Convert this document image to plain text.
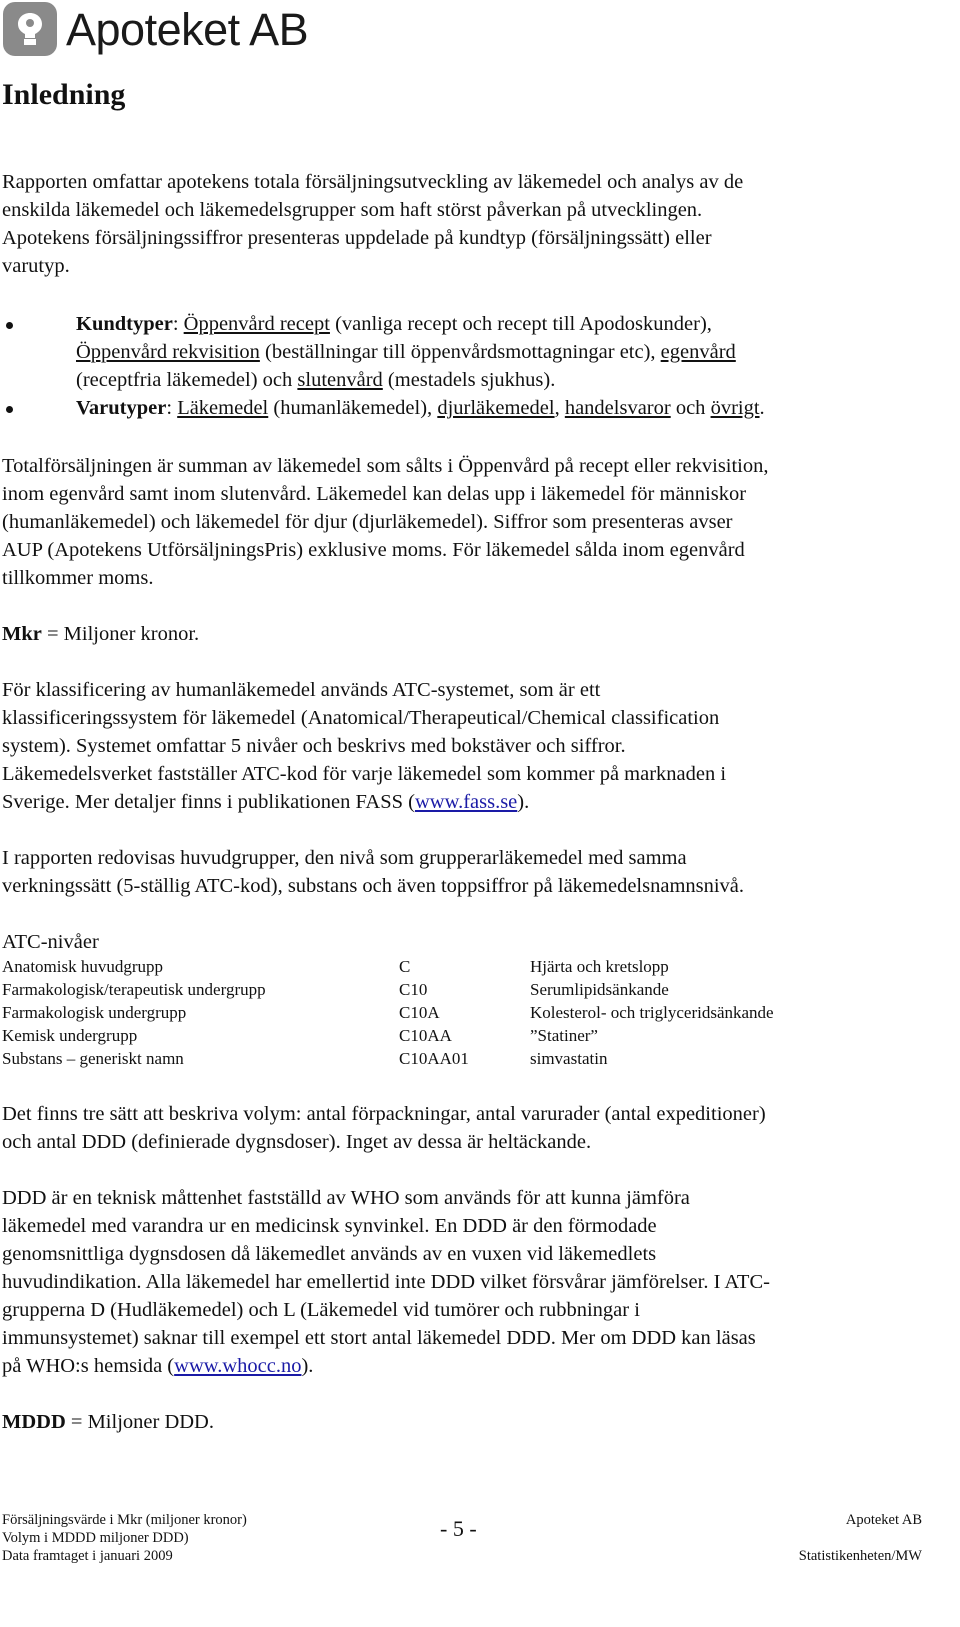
Apoteket AB
Inledning

Rapporten omfattar apotekens totala försäljningsutveckling av läkemedel och analys av de

enskilda läkemedel och läkemedelsgrupper som haft störst påverkan på utvecklingen.

Apotekens försäljningssiffror presenteras uppdelade på kundtyp (försäljningssätt) eller

varutyp.

Kundtyper: Öppenvård recept (vanliga recept och recept till Apodoskunder),

Öppenvård rekvisition (beställningar till öppenvårdsmottagningar etc), egenvård

(receptfria läkemedel) och slutenvård (mestadels sjukhus).

Varutyper: Läkemedel (humanläkemedel), djurläkemedel, handelsvaror och övrigt.

Totalförsäljningen är summan av läkemedel som sålts i Öppenvård på recept eller rekvisition,

inom egenvård samt inom slutenvård. Läkemedel kan delas upp i läkemedel för människor

(humanläkemedel) och läkemedel för djur (djurläkemedel). Siffror som presenteras avser

AUP (Apotekens UtförsäljningsPris) exklusive moms. För läkemedel sålda inom egenvård

tillkommer moms.

Mkr = Miljoner kronor.

För klassificering av humanläkemedel används ATC-systemet, som är ett

klassificeringssystem för läkemedel (Anatomical/Therapeutical/Chemical classification

system). Systemet omfattar 5 nivåer och beskrivs med bokstäver och siffror.

Läkemedelsverket fastställer ATC-kod för varje läkemedel som kommer på marknaden i

Sverige. Mer detaljer finns i publikationen FASS (www.fass.se).

I rapporten redovisas huvudgrupper, den nivå som grupperarläkemedel med samma

verkningssätt (5-ställig ATC-kod), substans och även toppsiffror på läkemedelsnamnsnivå.

ATC-nivåer
Anatomisk huvudgrupp	C	Hjärta och kretslopp
Farmakologisk/terapeutisk undergrupp	C10	Serumlipidsänkande
Farmakologisk undergrupp	C10A	Kolesterol- och triglyceridsänkande
Kemisk undergrupp	C10AA	”Statiner”
Substans – generiskt namn	C10AA01	simvastatin

Det finns tre sätt att beskriva volym: antal förpackningar, antal varurader (antal expeditioner)

och antal DDD (definierade dygnsdoser). Inget av dessa är heltäckande.

DDD är en teknisk måttenhet fastställd av WHO som används för att kunna jämföra

läkemedel med varandra ur en medicinsk synvinkel. En DDD är den förmodade

genomsnittliga dygnsdosen då läkemedlet används av en vuxen vid läkemedlets

huvudindikation. Alla läkemedel har emellertid inte DDD vilket försvårar jämförelser. I ATC-

grupperna D (Hudläkemedel) och L (Läkemedel vid tumörer och rubbningar i

immunsystemet) saknar till exempel ett stort antal läkemedel DDD. Mer om DDD kan läsas

på WHO:s hemsida (www.whocc.no).

MDDD = Miljoner DDD.

Försäljningsvärde i Mkr (miljoner kronor)
Volym i MDDD miljoner DDD)
Data framtaget i januari 2009
- 5 -	Apoteket AB
Statistikenheten/MW
